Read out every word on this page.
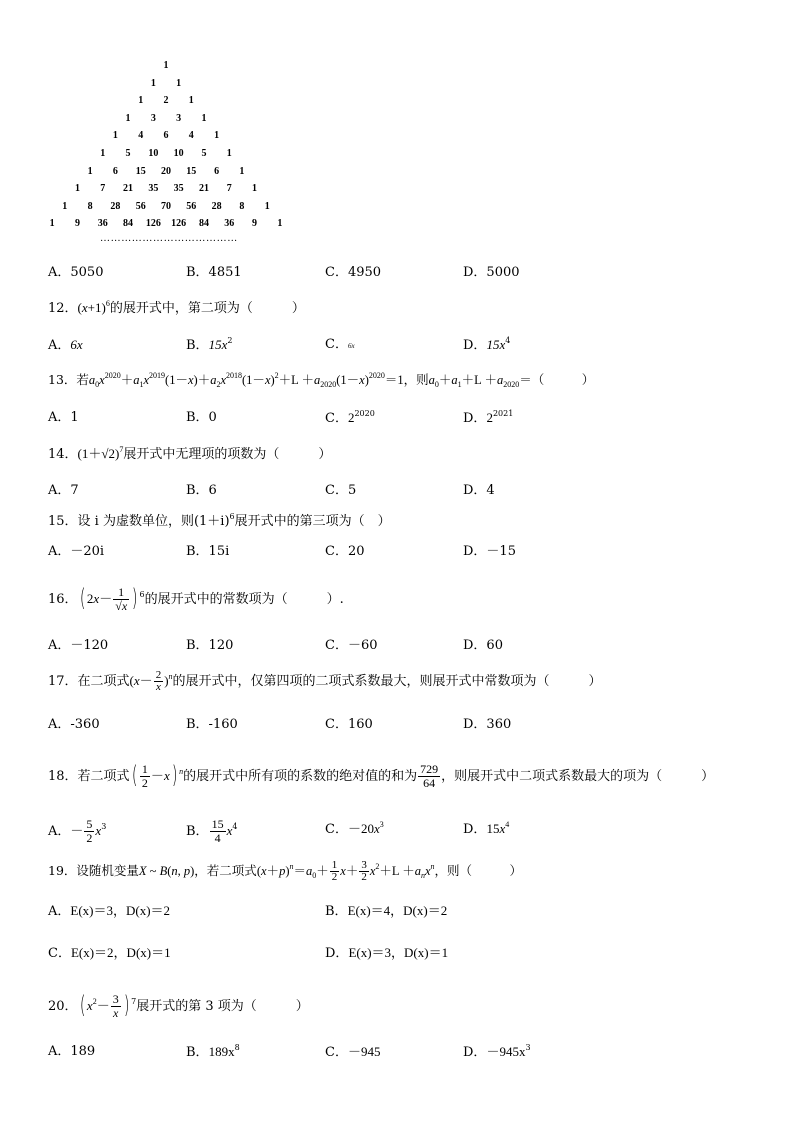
1
1 1
1 2 1
1 3 3 1
1 4 6 4 1
1 5 10 10 5 1
1 6 15 20 15 6 1
1 7 21 35 35 21 7 1
1 8 28 56 70 56 28 8 1
1 9 36 84 126 126 84 36 9 1
…………………………………
A．5050	B．4851	C．4950	D．5000
12．$(x+1)^6$的展开式中，第二项为（　　　）
A．6x	B．$15x^2$	C．6x	D．$15x^4$
13．若$a_0x^{2020}+a_1x^{2019}(1-x)+a_2x^{2018}(1-x)^2+L +a_{2020}(1-x)^{2020}=1$，则$a_0+a_1+L +a_{2020}=$（　　　）
A．1	B．0	C．$2^{2020}$	D．$2^{2021}$
14．$(1+√2)^7$展开式中无理项的项数为（　　　）
A．7	B．6	C．5	D．4
15．设 i 为虚数单位，则$(1+i)^6$展开式中的第三项为（　）
A．－20i	B．15i	C．20	D．－15
16．( $2x- \frac{1}{√x}$ ) $^6$的展开式中的常数项为（　　　）.
A．－120	B．120	C．－60	D．60
17．在二项式$(x- \frac{2}{x} )^n$的展开式中，仅第四项的二项式系数最大，则展开式中常数项为（　　　）
A．-360	B．-160	C．160	D．360
18．若二项式( $\frac{1}{2} -x$) $^n$的展开式中所有项的系数的绝对值的和为 $\frac{729}{64}$ ，则展开式中二项式系数最大的项为（　　　）
A．－ $\frac{5}{2} x^3$	B． $\frac{15}{4} x^4$	C．$-20x^3$	D．$15x^4$
19．设随机变量X ~ B(n, p)，若二项式$(x+p)^n=a_0+ \frac{1}{2} x+ \frac{3}{2} x^2+L +a_nx^n$，则（　　　）
A．E(x)＝3，D(x)＝2	B．E(x)＝4，D(x)＝2
C．E(x)＝2，D(x)＝1	D．E(x)＝3，D(x)＝1
20．( $x^2- \frac{3}{x}$ ) $^7$展开式的第 3 项为（　　　）
A．189	B．$189x^8$	C．－945	D．$-945x^3$
